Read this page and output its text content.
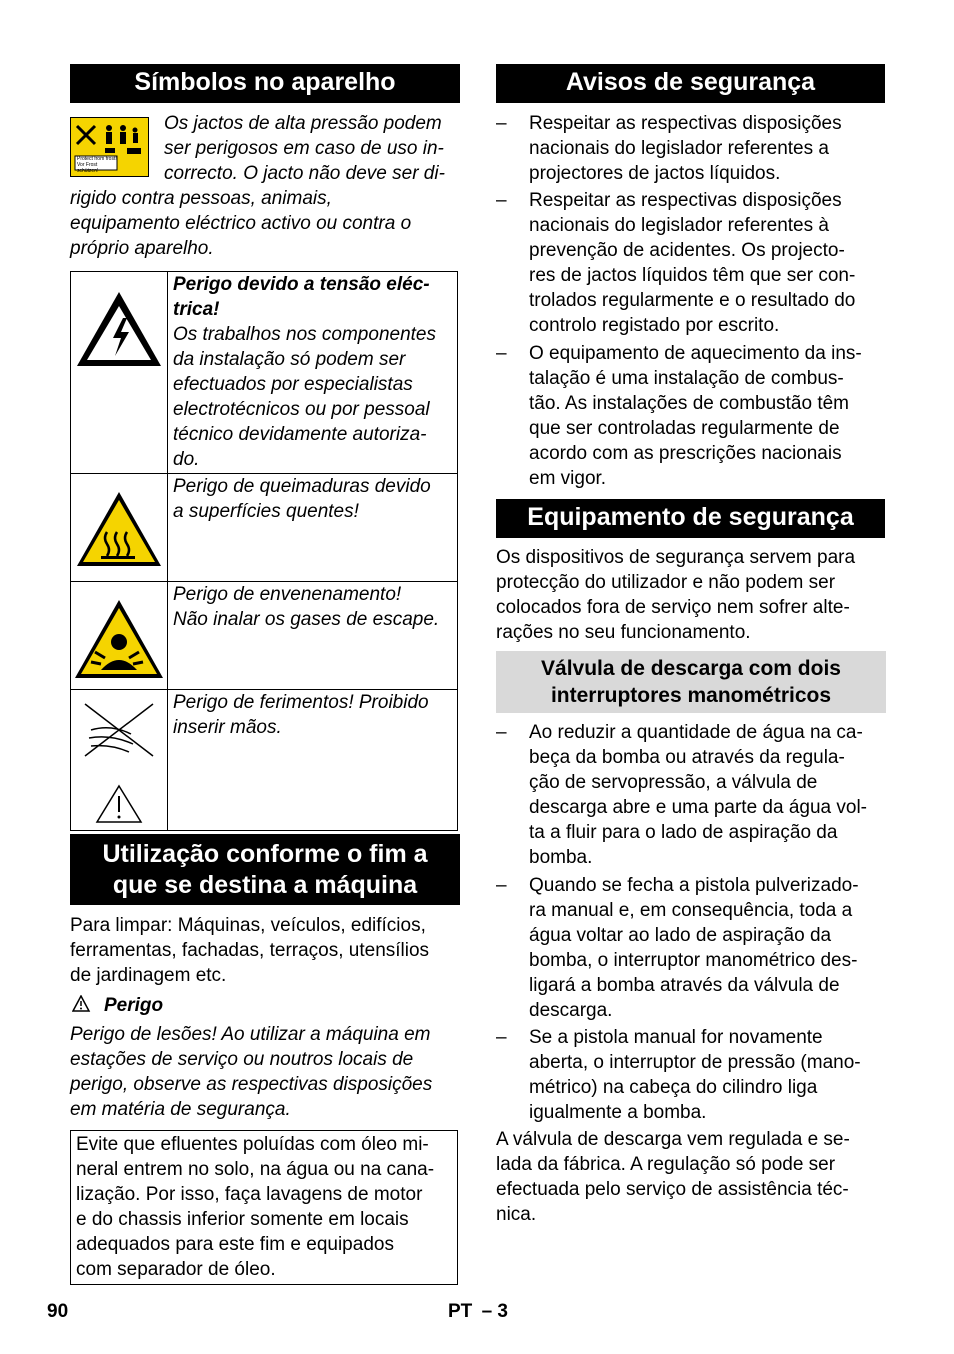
Símbolos no aparelho
Protect from frost!
Vor Frost schützen!
Os jactos de alta pressão podem
ser perigosos em caso de uso in-
correcto. O jacto não deve ser di-
rigido contra pessoas, animais,
equipamento eléctrico activo ou contra o
próprio aparelho.
Perigo devido a tensão eléc-
trica!
Os trabalhos nos componentes
da instalação só podem ser
efectuados por especialistas
electrotécnicos ou por pessoal
técnico devidamente autoriza-
do.
Perigo de queimaduras devido
a superfícies quentes!
Perigo de envenenamento!
Não inalar os gases de escape.
Perigo de ferimentos! Proibido
inserir mãos.
Utilização conforme o fim a
que se destina a máquina
Para limpar: Máquinas, veículos, edifícios,
ferramentas, fachadas, terraços, utensílios
de jardinagem etc.
Perigo
Perigo de lesões! Ao utilizar a máquina em
estações de serviço ou noutros locais de
perigo, observe as respectivas disposições
em matéria de segurança.
Evite que efluentes poluídas com óleo mi-
neral entrem no solo, na água ou na cana-
lização. Por isso, faça lavagens de motor
e do chassis inferior somente em locais
adequados para este fim e equipados
com separador de óleo.
Avisos de segurança
– Respeitar as respectivas disposições
nacionais do legislador referentes a
projectores de jactos líquidos.
– Respeitar as respectivas disposições
nacionais do legislador referentes à
prevenção de acidentes. Os projecto-
res de jactos líquidos têm que ser con-
trolados regularmente e o resultado do
controlo registado por escrito.
– O equipamento de aquecimento da ins-
talação é uma instalação de combus-
tão. As instalações de combustão têm
que ser controladas regularmente de
acordo com as prescrições nacionais
em vigor.
Equipamento de segurança
Os dispositivos de segurança servem para
protecção do utilizador e não podem ser
colocados fora de serviço nem sofrer alte-
rações no seu funcionamento.
Válvula de descarga com dois
interruptores manométricos
– Ao reduzir a quantidade de água na ca-
beça da bomba ou através da regula-
ção de servopressão, a válvula de
descarga abre e uma parte da água vol-
ta a fluir para o lado de aspiração da
bomba.
– Quando se fecha a pistola pulverizado-
ra manual e, em consequência, toda a
água voltar ao lado de aspiração da
bomba, o interruptor manométrico des-
ligará a bomba através da válvula de
descarga.
– Se a pistola manual for novamente
aberta, o interruptor de pressão (mano-
métrico) na cabeça do cilindro liga
igualmente a bomba.
A válvula de descarga vem regulada e se-
lada da fábrica. A regulação só pode ser
efectuada pelo serviço de assistência téc-
nica.
90	PT – 3
